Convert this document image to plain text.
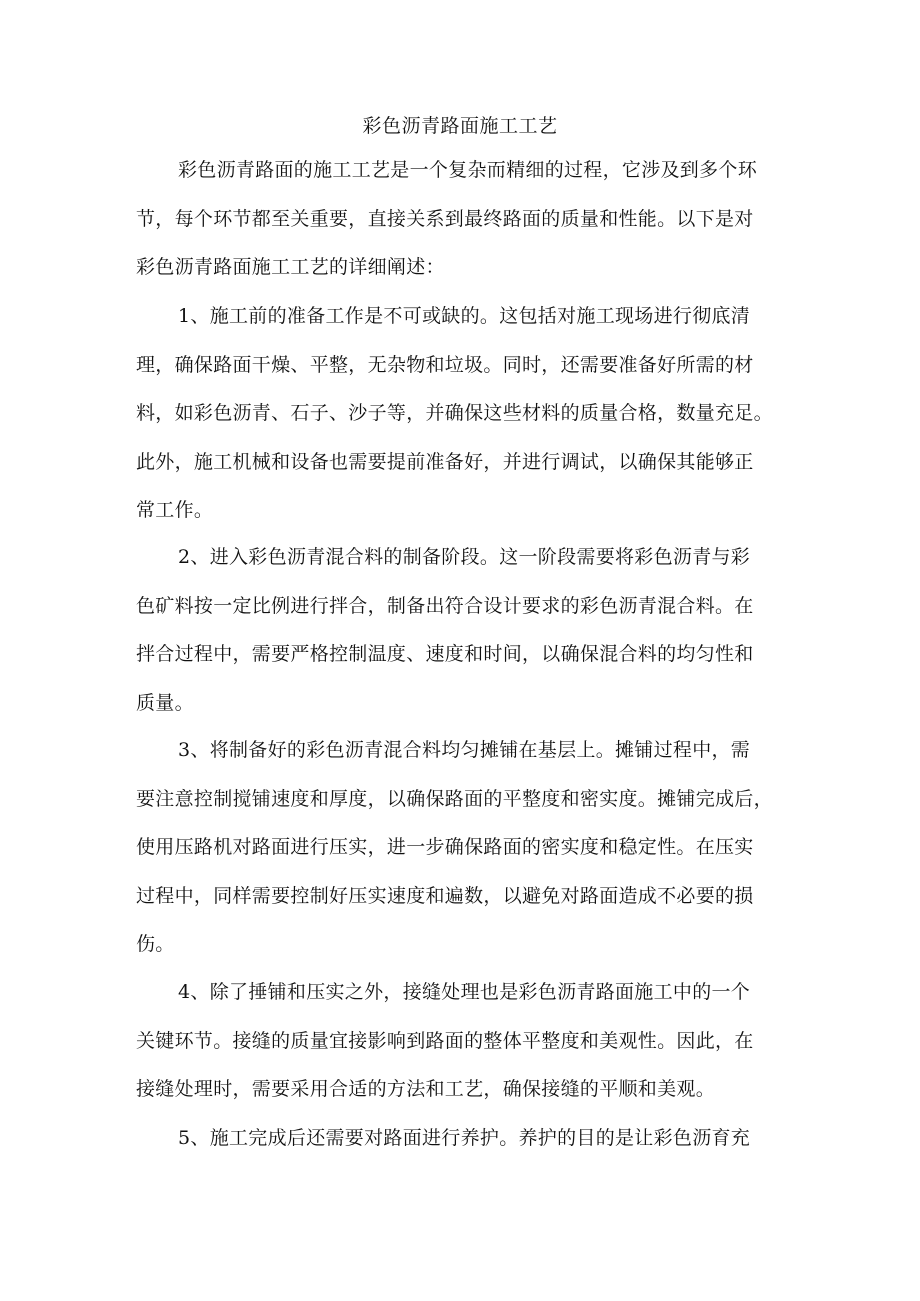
彩色沥青路面施工工艺

彩色沥青路面的施工工艺是一个复杂而精细的过程，它涉及到多个环
节，每个环节都至关重要，直接关系到最终路面的质量和性能。以下是对
彩色沥青路面施工工艺的详细阐述：

1、施工前的准备工作是不可或缺的。这包括对施工现场进行彻底清
理，确保路面干燥、平整，无杂物和垃圾。同时，还需要准备好所需的材
料，如彩色沥青、石子、沙子等，并确保这些材料的质量合格，数量充足。
此外，施工机械和设备也需要提前准备好，并进行调试，以确保其能够正
常工作。

2、进入彩色沥青混合料的制备阶段。这一阶段需要将彩色沥青与彩
色矿料按一定比例进行拌合，制备出符合设计要求的彩色沥青混合料。在
拌合过程中，需要严格控制温度、速度和时间，以确保混合料的均匀性和
质量。

3、将制备好的彩色沥青混合料均匀摊铺在基层上。摊铺过程中，需
要注意控制搅铺速度和厚度，以确保路面的平整度和密实度。摊铺完成后，
使用压路机对路面进行压实，进一步确保路面的密实度和稳定性。在压实
过程中，同样需要控制好压实速度和遍数，以避免对路面造成不必要的损
伤。

4、除了捶铺和压实之外，接缝处理也是彩色沥青路面施工中的一个
关键环节。接缝的质量宜接影响到路面的整体平整度和美观性。因此，在
接缝处理时，需要采用合适的方法和工艺，确保接缝的平顺和美观。

5、施工完成后还需要对路面进行养护。养护的目的是让彩色沥育充
